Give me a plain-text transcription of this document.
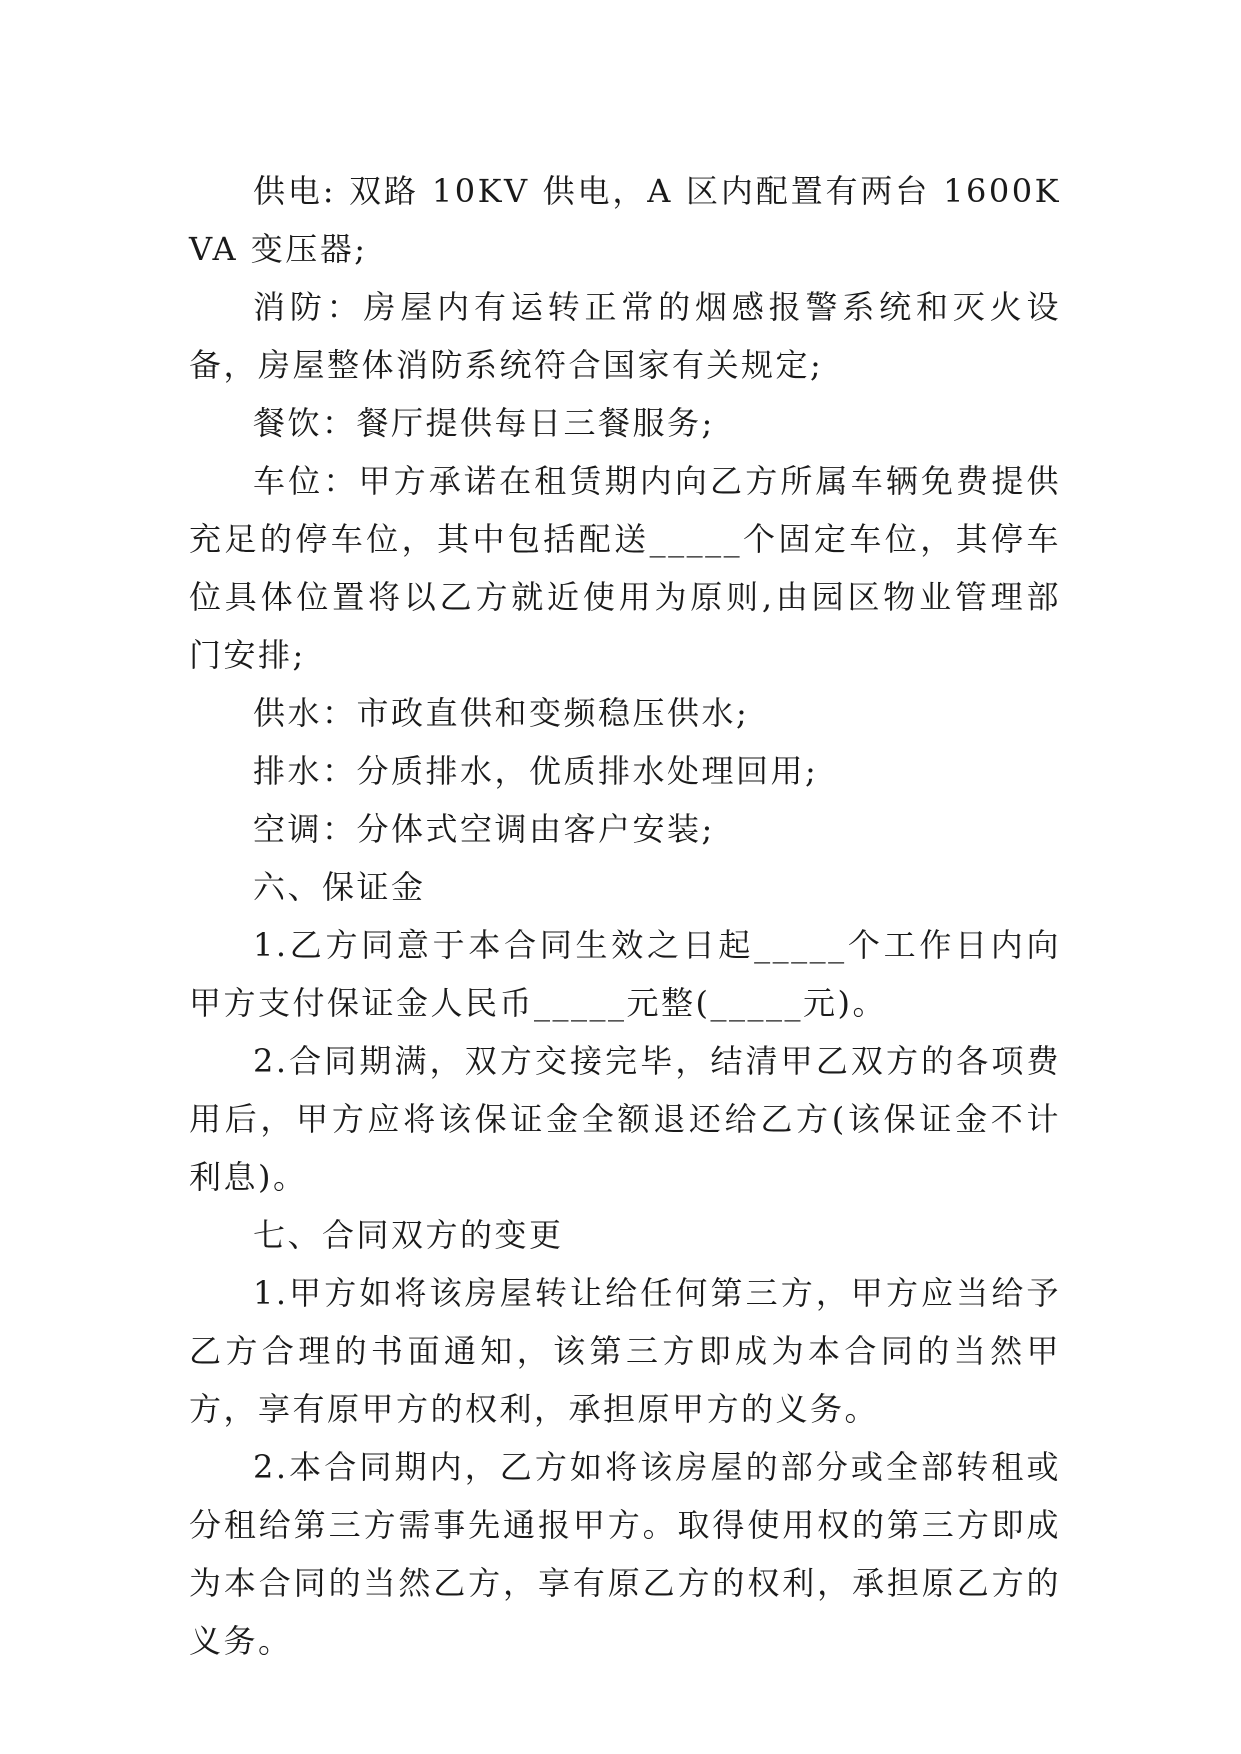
供电: 双路 10KV 供电，A 区内配置有两台 1600KVA 变压器;

消防：房屋内有运转正常的烟感报警系统和灭火设备，房屋整体消防系统符合国家有关规定;

餐饮：餐厅提供每日三餐服务;

车位：甲方承诺在租赁期内向乙方所属车辆免费提供充足的停车位，其中包括配送_____个固定车位，其停车位具体位置将以乙方就近使用为原则,由园区物业管理部门安排;

供水：市政直供和变频稳压供水;

排水：分质排水，优质排水处理回用;

空调：分体式空调由客户安装;

六、保证金

1.乙方同意于本合同生效之日起_____个工作日内向甲方支付保证金人民币_____元整(_____元)。

2.合同期满，双方交接完毕，结清甲乙双方的各项费用后，甲方应将该保证金全额退还给乙方(该保证金不计利息)。

七、合同双方的变更

1.甲方如将该房屋转让给任何第三方，甲方应当给予乙方合理的书面通知，该第三方即成为本合同的当然甲方，享有原甲方的权利，承担原甲方的义务。

2.本合同期内，乙方如将该房屋的部分或全部转租或分租给第三方需事先通报甲方。取得使用权的第三方即成为本合同的当然乙方，享有原乙方的权利，承担原乙方的义务。
